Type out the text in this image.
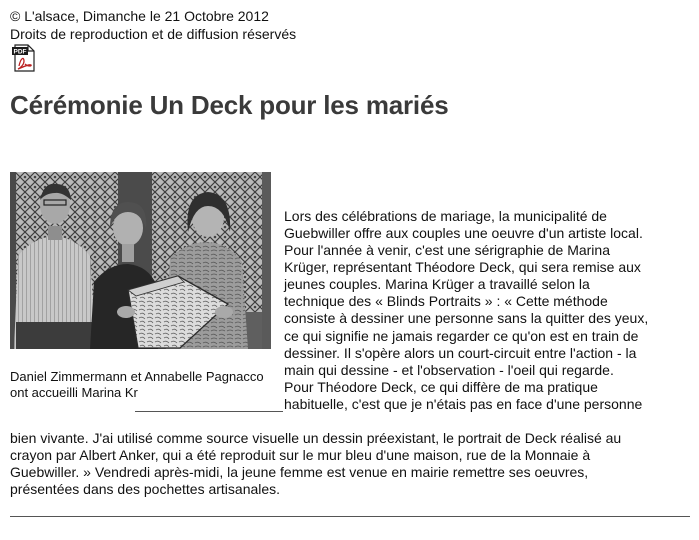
© L'alsace, Dimanche le 21 Octobre 2012
Droits de reproduction et de diffusion réservés
PDF
Cérémonie Un Deck pour les mariés
Daniel Zimmermann et Annabelle Pagnacco
ont accueilli Marina Kr
Lors des célébrations de mariage, la municipalité de
Guebwiller offre aux couples une oeuvre d'un artiste local.
Pour l'année à venir, c'est une sérigraphie de Marina
Krüger, représentant Théodore Deck, qui sera remise aux
jeunes couples. Marina Krüger a travaillé selon la
technique des « Blinds Portraits » : « Cette méthode
consiste à dessiner une personne sans la quitter des yeux,
ce qui signifie ne jamais regarder ce qu'on est en train de
dessiner. Il s'opère alors un court-circuit entre l'action - la
main qui dessine - et l'observation - l'oeil qui regarde.
Pour Théodore Deck, ce qui diffère de ma pratique
habituelle, c'est que je n'étais pas en face d'une personne
bien vivante. J'ai utilisé comme source visuelle un dessin préexistant, le portrait de Deck réalisé au
crayon par Albert Anker, qui a été reproduit sur le mur bleu d'une maison, rue de la Monnaie à
Guebwiller. » Vendredi après-midi, la jeune femme est venue en mairie remettre ses oeuvres,
présentées dans des pochettes artisanales.
